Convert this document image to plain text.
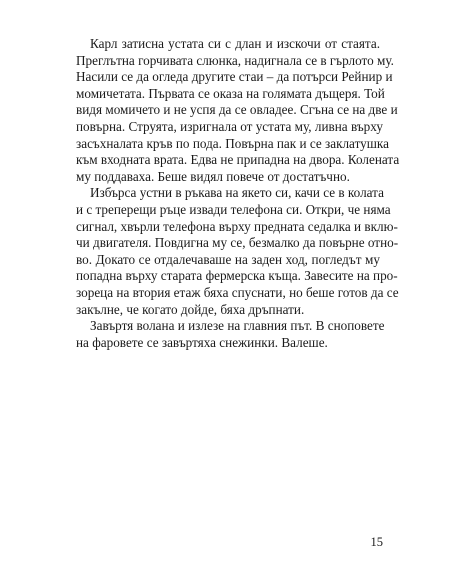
Карл затисна устата си с длан и изскочи от стаята.
Преглътна горчивата слюнка, надигнала се в гърлото му.
Насили се да огледа другите стаи – да потърси Рейнир и
момичетата. Първата се оказа на голямата дъщеря. Той
видя момичето и не успя да се овладее. Сгъна се на две и
повърна. Струята, изригнала от устата му, ливна върху
засъхналата кръв по пода. Повърна пак и се заклатушка
към входната врата. Едва не припадна на двора. Колената
му поддаваха. Беше видял повече от достатъчно.
Избърса устни в ръкава на якето си, качи се в колата
и с треперещи ръце извади телефона си. Откри, че няма
сигнал, хвърли телефона върху предната седалка и вклю-
чи двигателя. Повдигна му се, безмалко да повърне отно-
во. Докато се отдалечаваше на заден ход, погледът му
попадна върху старата фермерска къща. Завесите на про-
зореца на втория етаж бяха спуснати, но беше готов да се
закълне, че когато дойде, бяха дръпнати.
Завъртя волана и излезе на главния път. В сноповете
на фаровете се завъртяха снежинки. Валеше.
15
